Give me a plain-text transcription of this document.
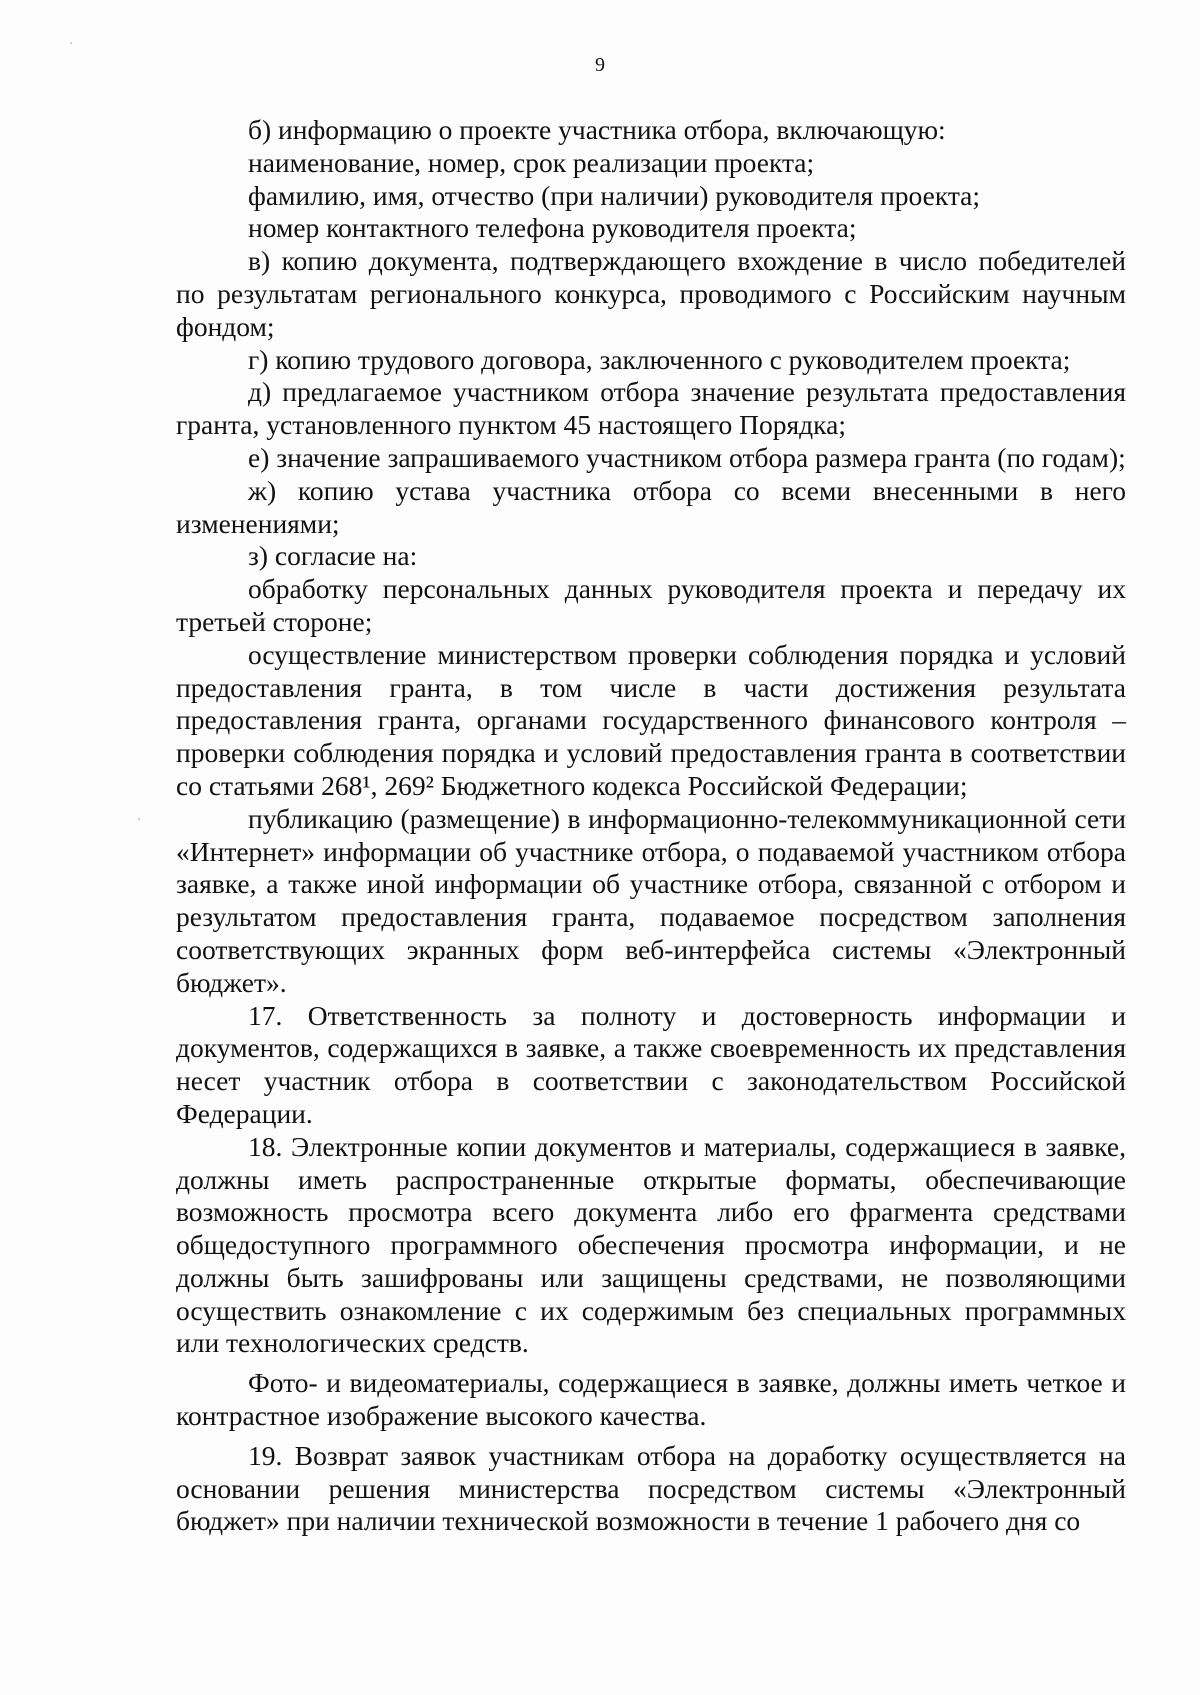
9

б) информацию о проекте участника отбора, включающую:

наименование, номер, срок реализации проекта;

фамилию, имя, отчество (при наличии) руководителя проекта;

номер контактного телефона руководителя проекта;

в) копию документа, подтверждающего вхождение в число победителей по результатам регионального конкурса, проводимого с Российским научным фондом;

г) копию трудового договора, заключенного с руководителем проекта;

д) предлагаемое участником отбора значение результата предоставления гранта, установленного пунктом 45 настоящего Порядка;

е) значение запрашиваемого участником отбора размера гранта (по годам);

ж) копию устава участника отбора со всеми внесенными в него изменениями;

з) согласие на:

обработку персональных данных руководителя проекта и передачу их третьей стороне;

осуществление министерством проверки соблюдения порядка и условий предоставления гранта, в том числе в части достижения результата предоставления гранта, органами государственного финансового контроля – проверки соблюдения порядка и условий предоставления гранта в соответствии со статьями 268¹, 269² Бюджетного кодекса Российской Федерации;

публикацию (размещение) в информационно-телекоммуникационной сети «Интернет» информации об участнике отбора, о подаваемой участником отбора заявке, а также иной информации об участнике отбора, связанной с отбором и результатом предоставления гранта, подаваемое посредством заполнения соответствующих экранных форм веб-интерфейса системы «Электронный бюджет».

17. Ответственность за полноту и достоверность информации и документов, содержащихся в заявке, а также своевременность их представления несет участник отбора в соответствии с законодательством Российской Федерации.

18. Электронные копии документов и материалы, содержащиеся в заявке, должны иметь распространенные открытые форматы, обеспечивающие возможность просмотра всего документа либо его фрагмента средствами общедоступного программного обеспечения просмотра информации, и не должны быть зашифрованы или защищены средствами, не позволяющими осуществить ознакомление с их содержимым без специальных программных или технологических средств.

Фото- и видеоматериалы, содержащиеся в заявке, должны иметь четкое и контрастное изображение высокого качества.

19. Возврат заявок участникам отбора на доработку осуществляется на основании решения министерства посредством системы «Электронный бюджет» при наличии технической возможности в течение 1 рабочего дня со
